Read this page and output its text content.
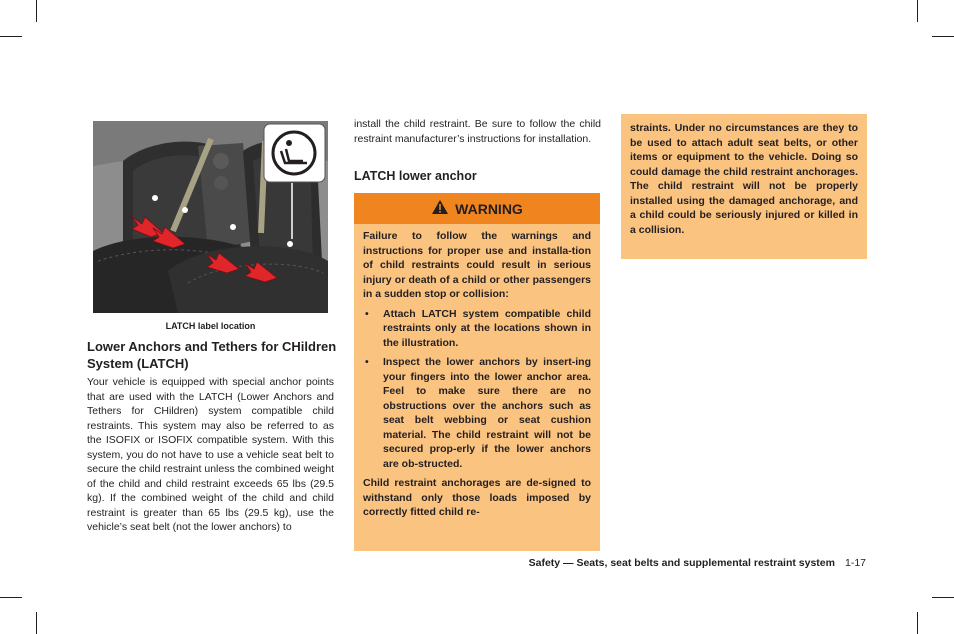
LATCH label location
Lower Anchors and Tethers for CHildren System (LATCH)

Your vehicle is equipped with special anchor points that are used with the LATCH (Lower Anchors and Tethers for CHildren) system compatible child restraints. This system may also be referred to as the ISOFIX or ISOFIX compatible system. With this system, you do not have to use a vehicle seat belt to secure the child restraint unless the combined weight of the child and child restraint exceeds 65 lbs (29.5 kg). If the combined weight of the child and child restraint is greater than 65 lbs (29.5 kg), use the vehicle’s seat belt (not the lower anchors) to

install the child restraint. Be sure to follow the child restraint manufacturer’s instructions for installation.

LATCH lower anchor
WARNING

Failure to follow the warnings and instructions for proper use and installa-tion of child restraints could result in serious injury or death of a child or other passengers in a sudden stop or collision:

• Attach LATCH system compatible child restraints only at the locations shown in the illustration.
• Inspect the lower anchors by insert-ing your fingers into the lower anchor area. Feel to make sure there are no obstructions over the anchors such as seat belt webbing or seat cushion material. The child restraint will not be secured prop-erly if the lower anchors are ob-structed.

Child restraint anchorages are de-signed to withstand only those loads imposed by correctly fitted child re-

straints. Under no circumstances are they to be used to attach adult seat belts, or other items or equipment to the vehicle. Doing so could damage the child restraint anchorages. The child restraint will not be properly installed using the damaged anchorage, and a child could be seriously injured or killed in a collision.

Safety — Seats, seat belts and supplemental restraint system 1-17
